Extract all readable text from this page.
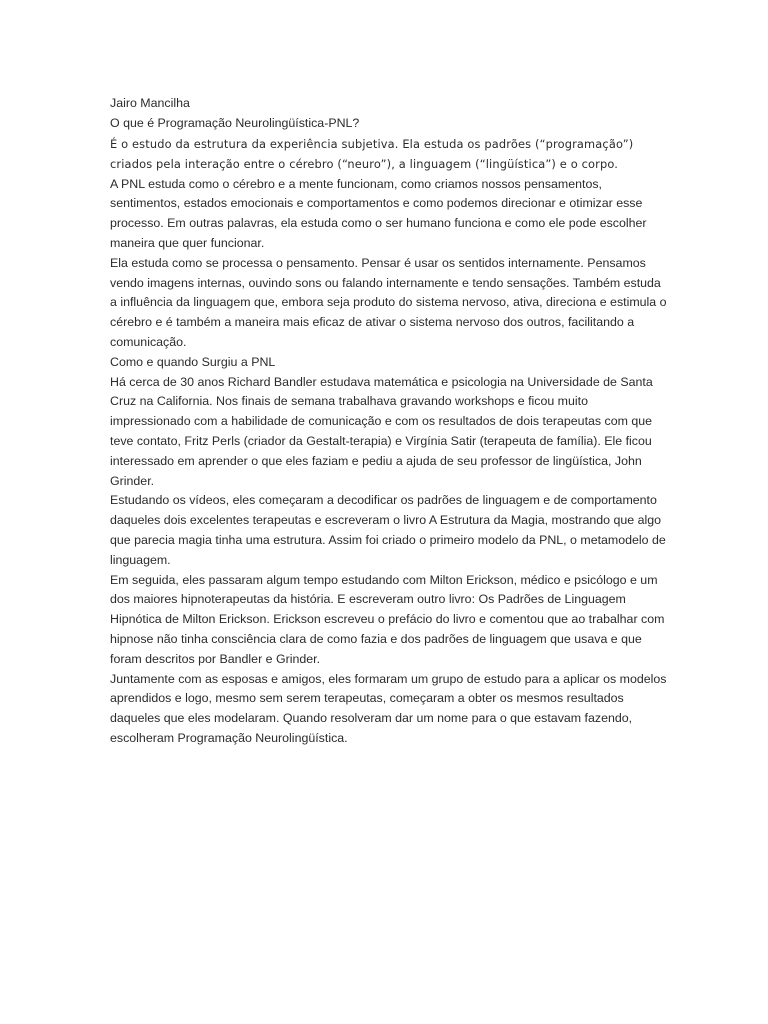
Jairo Mancilha

O que é Programação Neurolingüística-PNL?

É o estudo da estrutura da experiência subjetiva. Ela estuda os padrões (“programação”) criados pela interação entre o cérebro (“neuro”), a linguagem (“lingüística”) e o corpo.

A PNL estuda como o cérebro e a mente funcionam, como criamos nossos pensamentos, sentimentos, estados emocionais e comportamentos e como podemos direcionar e otimizar esse processo. Em outras palavras, ela estuda como o ser humano funciona e como ele pode escolher maneira que quer funcionar.

Ela estuda como se processa o pensamento. Pensar é usar os sentidos internamente. Pensamos vendo imagens internas, ouvindo sons ou falando internamente e tendo sensações. Também estuda a influência da linguagem que, embora seja produto do sistema nervoso, ativa, direciona e estimula o cérebro e é também a maneira mais eficaz de ativar o sistema nervoso dos outros, facilitando a comunicação.

Como e quando Surgiu a PNL

Há cerca de 30 anos Richard Bandler estudava matemática e psicologia na Universidade de Santa Cruz na California. Nos finais de semana trabalhava gravando workshops e ficou muito impressionado com a habilidade de comunicação e com os resultados de dois terapeutas com que teve contato, Fritz Perls (criador da Gestalt-terapia) e Virgínia Satir (terapeuta de família). Ele ficou interessado em aprender o que eles faziam e pediu a ajuda de seu professor de lingüística, John Grinder.

Estudando os vídeos, eles começaram a decodificar os padrões de linguagem e de comportamento daqueles dois excelentes terapeutas e escreveram o livro A Estrutura da Magia, mostrando que algo que parecia magia tinha uma estrutura. Assim foi criado o primeiro modelo da PNL, o metamodelo de linguagem.

Em seguida, eles passaram algum tempo estudando com Milton Erickson, médico e psicólogo e um dos maiores hipnoterapeutas da história. E escreveram outro livro: Os Padrões de Linguagem Hipnótica de Milton Erickson. Erickson escreveu o prefácio do livro e comentou que ao trabalhar com hipnose não tinha consciência clara de como fazia e dos padrões de linguagem que usava e que foram descritos por Bandler e Grinder.

Juntamente com as esposas e amigos, eles formaram um grupo de estudo para a aplicar os modelos aprendidos e logo, mesmo sem serem terapeutas, começaram a obter os mesmos resultados daqueles que eles modelaram. Quando resolveram dar um nome para o que estavam fazendo, escolheram Programação Neurolingüística.
